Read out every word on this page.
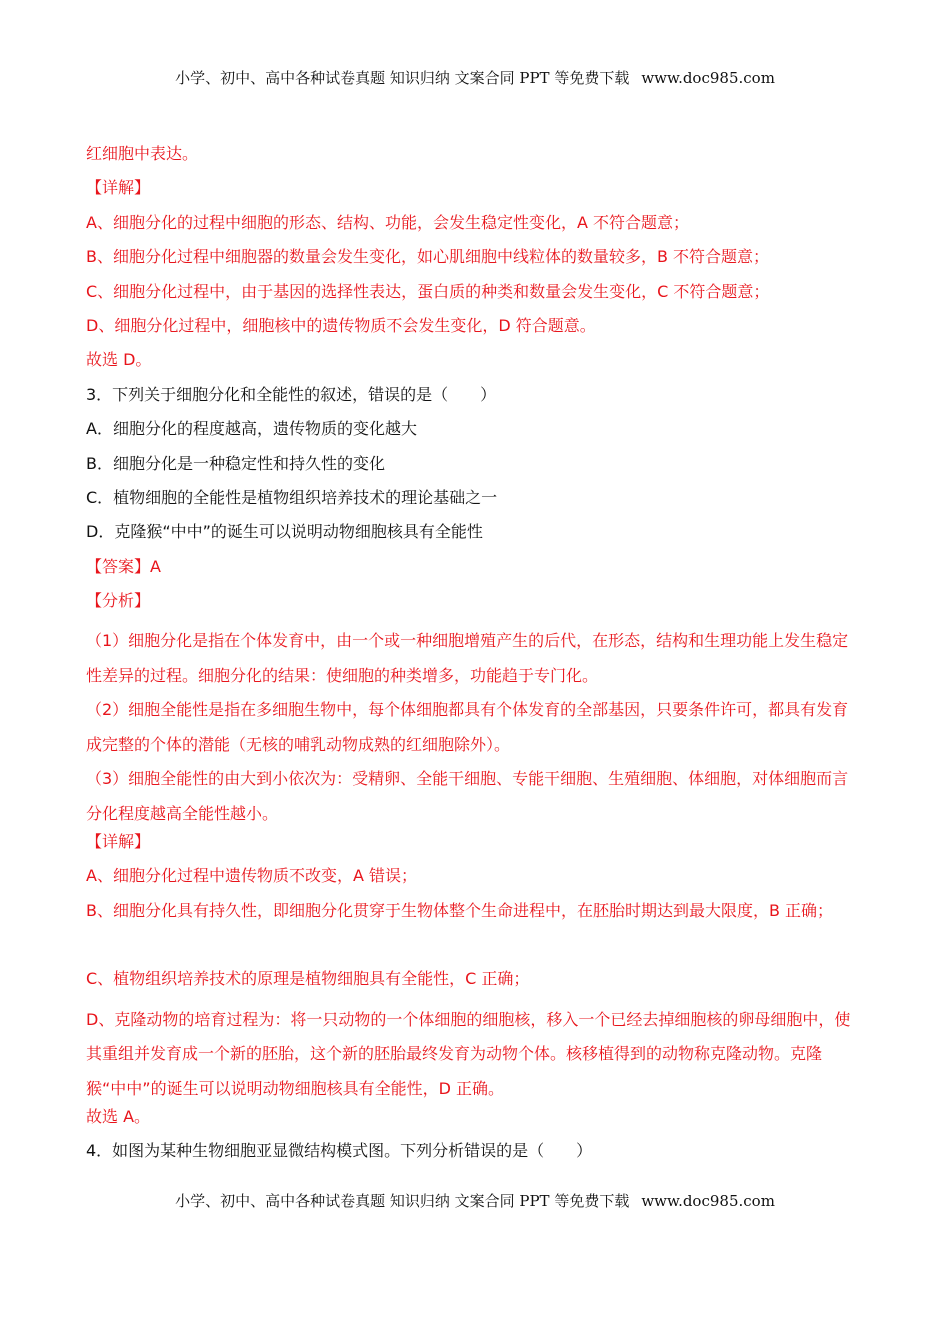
小学、初中、高中各种试卷真题 知识归纳 文案合同 PPT 等免费下载 www.doc985.com
红细胞中表达。
【详解】
A、细胞分化的过程中细胞的形态、结构、功能，会发生稳定性变化，A 不符合题意；
B、细胞分化过程中细胞器的数量会发生变化，如心肌细胞中线粒体的数量较多，B 不符合题意；
C、细胞分化过程中，由于基因的选择性表达，蛋白质的种类和数量会发生变化，C 不符合题意；
D、细胞分化过程中，细胞核中的遗传物质不会发生变化，D 符合题意。
故选 D。
3．下列关于细胞分化和全能性的叙述，错误的是（　　）
A．细胞分化的程度越高，遗传物质的变化越大
B．细胞分化是一种稳定性和持久性的变化
C．植物细胞的全能性是植物组织培养技术的理论基础之一
D．克隆猴“中中”的诞生可以说明动物细胞核具有全能性
【答案】A
【分析】
（1）细胞分化是指在个体发育中，由一个或一种细胞增殖产生的后代，在形态，结构和生理功能上发生稳定性差异的过程。细胞分化的结果：使细胞的种类增多，功能趋于专门化。
（2）细胞全能性是指在多细胞生物中，每个体细胞都具有个体发育的全部基因，只要条件许可，都具有发育成完整的个体的潜能（无核的哺乳动物成熟的红细胞除外）。
（3）细胞全能性的由大到小依次为：受精卵、全能干细胞、专能干细胞、生殖细胞、体细胞，对体细胞而言分化程度越高全能性越小。
【详解】
A、细胞分化过程中遗传物质不改变，A 错误；
B、细胞分化具有持久性，即细胞分化贯穿于生物体整个生命进程中，在胚胎时期达到最大限度，B 正确；
C、植物组织培养技术的原理是植物细胞具有全能性，C 正确；
D、克隆动物的培育过程为：将一只动物的一个体细胞的细胞核，移入一个已经去掉细胞核的卵母细胞中，使其重组并发育成一个新的胚胎，这个新的胚胎最终发育为动物个体。核移植得到的动物称克隆动物。克隆猴“中中”的诞生可以说明动物细胞核具有全能性，D 正确。
故选 A。
4．如图为某种生物细胞亚显微结构模式图。下列分析错误的是（　　）
小学、初中、高中各种试卷真题 知识归纳 文案合同 PPT 等免费下载 www.doc985.com
